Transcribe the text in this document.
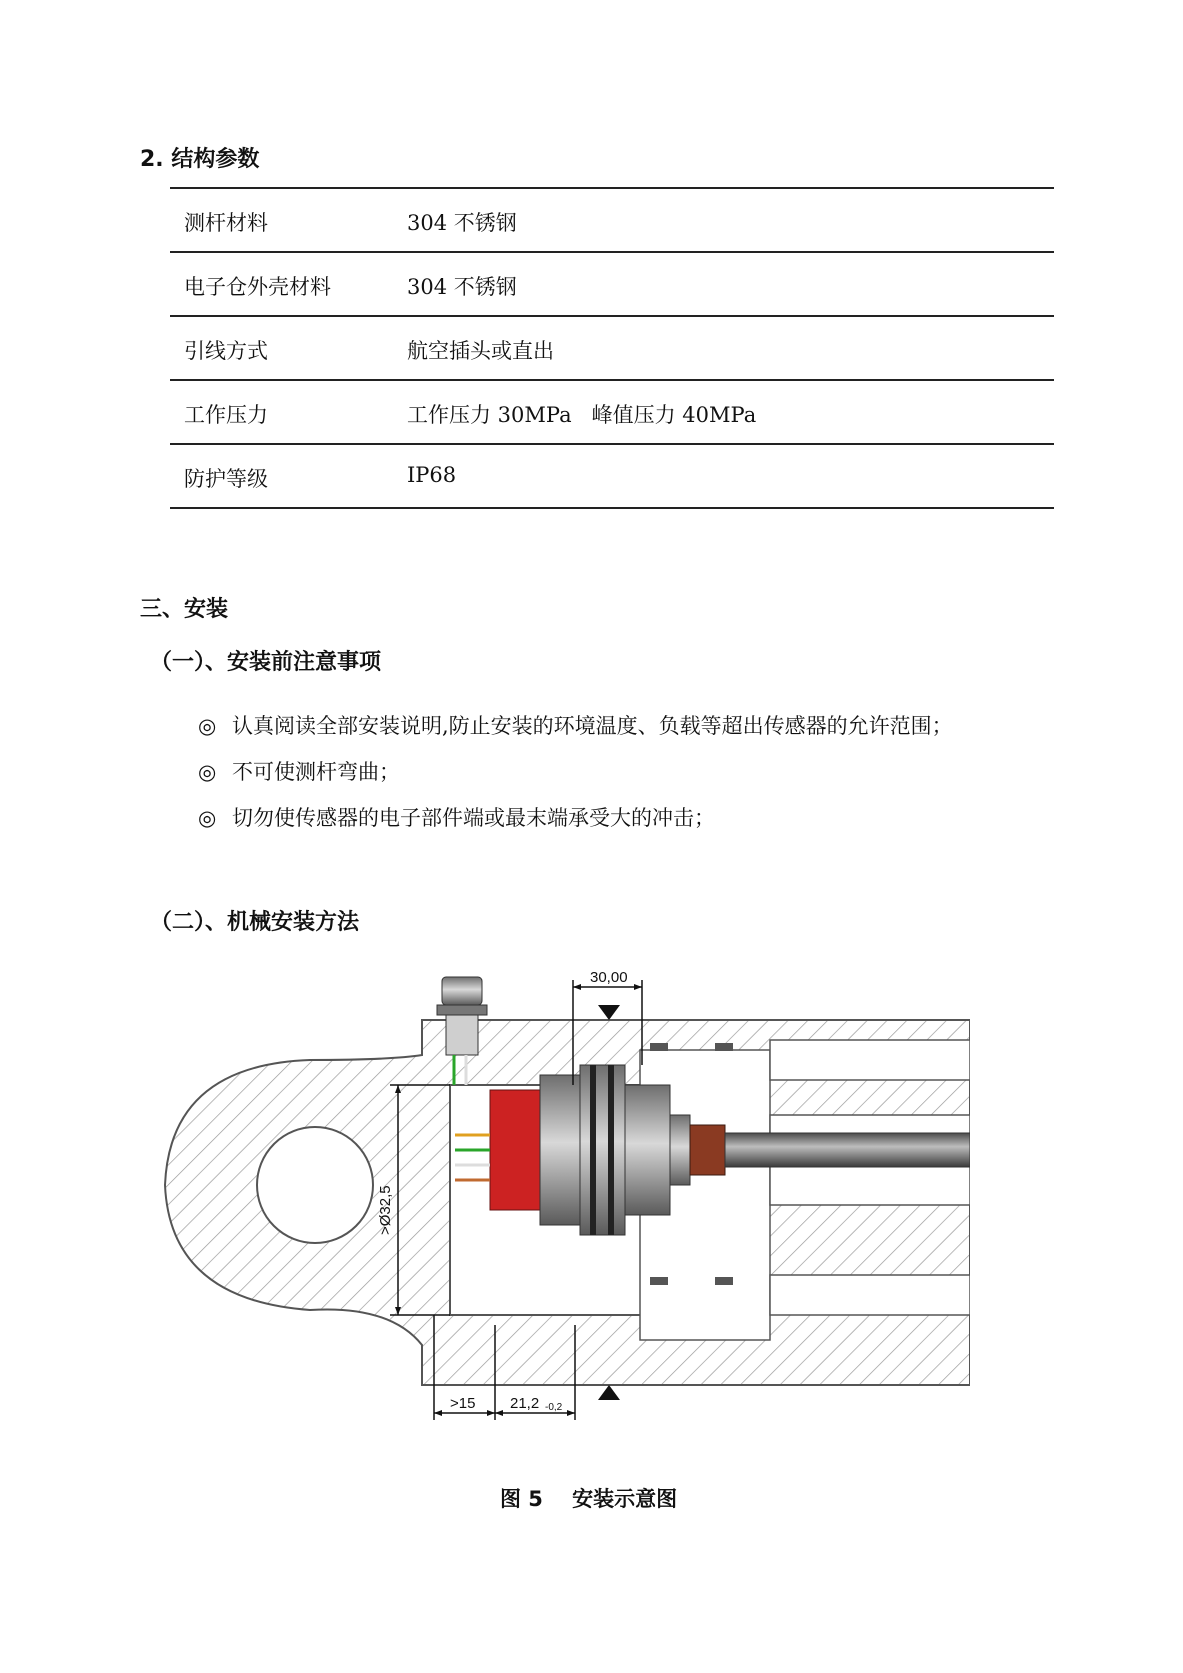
2. 结构参数
测杆材料	304 不锈钢
电子仓外壳材料	304 不锈钢
引线方式	航空插头或直出
工作压力	工作压力 30MPa   峰值压力 40MPa
防护等级	IP68
三、安装
（一）、安装前注意事项
◎ 认真阅读全部安装说明,防止安装的环境温度、负载等超出传感器的允许范围；
◎ 不可使测杆弯曲；
◎ 切勿使传感器的电子部件端或最末端承受大的冲击；
（二）、机械安装方法
30,00
>Ø32,5
>15 21,2 -0,2
图 5    安装示意图
